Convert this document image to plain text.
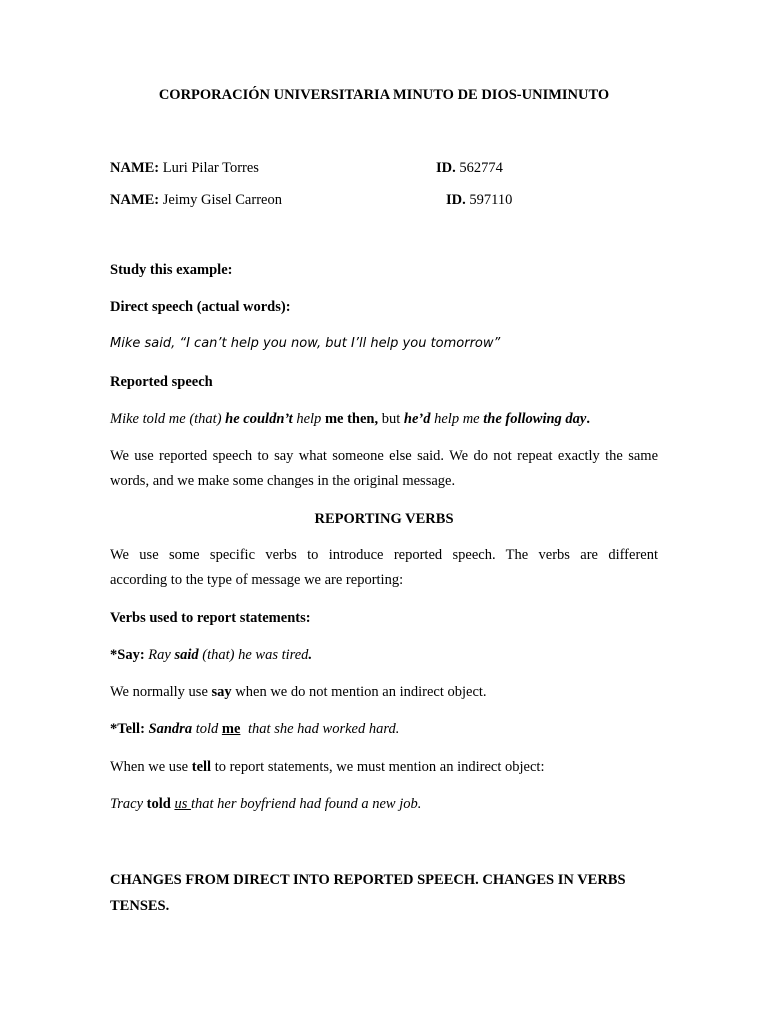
CORPORACIÓN UNIVERSITARIA MINUTO DE DIOS-UNIMINUTO
NAME: Luri Pilar Torres	ID. 562774
NAME: Jeimy Gisel Carreon	ID. 597110
Study this example:
Direct speech (actual words):
Mike said, “I can’t help you now, but I’ll help you tomorrow”
Reported speech
Mike told me (that) he couldn’t help me then, but he’d help me the following day.
We use reported speech to say what someone else said. We do not repeat exactly the same
words, and we make some changes in the original message.
REPORTING VERBS
We use some specific verbs to introduce reported speech. The verbs are different
according to the type of message we are reporting:
Verbs used to report statements:
*Say: Ray said (that) he was tired.
We normally use say when we do not mention an indirect object.
*Tell: Sandra told me that she had worked hard.
When we use tell to report statements, we must mention an indirect object:
Tracy told us that her boyfriend had found a new job.
CHANGES FROM DIRECT INTO REPORTED SPEECH. CHANGES IN VERBS
TENSES.
